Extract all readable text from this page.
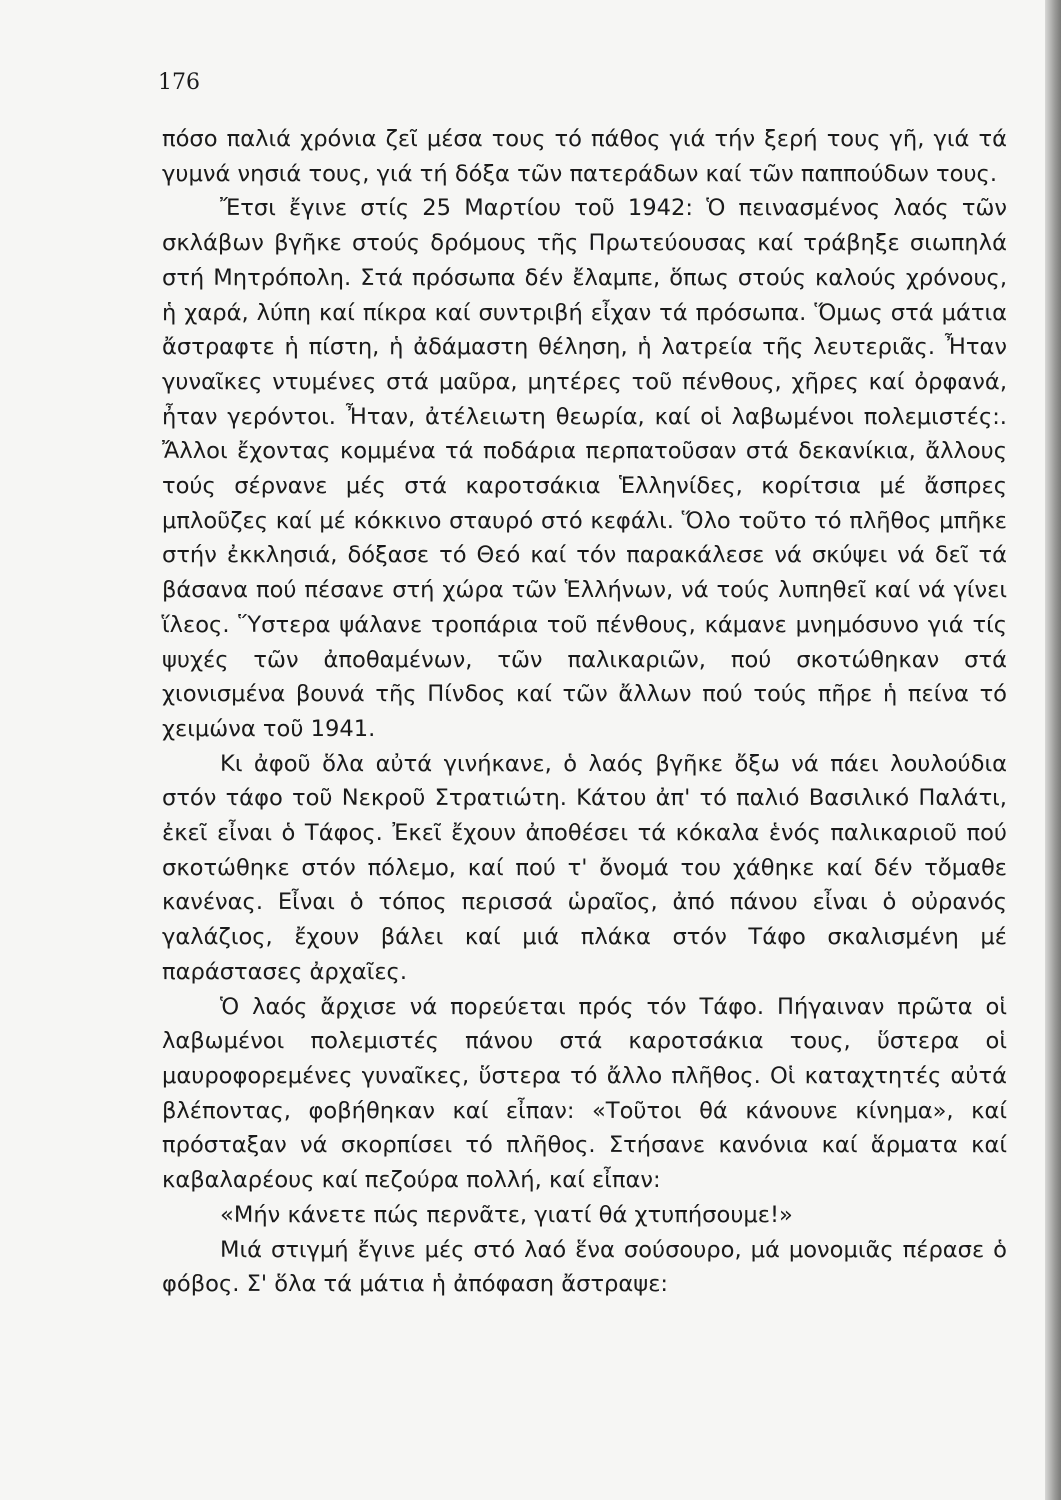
176

πόσο παλιά χρόνια ζεῖ μέσα τους τό πάθος γιά τήν ξερή τους γῆ, γιά τά γυμνά νησιά τους, γιά τή δόξα τῶν πατεράδων καί τῶν παππούδων τους.

Ἔτσι ἔγινε στίς 25 Μαρτίου τοῦ 1942: Ὁ πεινασμένος λαός τῶν σκλάβων βγῆκε στούς δρόμους τῆς Πρωτεύουσας καί τράβηξε σιωπηλά στή Μητρόπολη. Στά πρόσωπα δέν ἔλαμπε, ὅπως στούς καλούς χρόνους, ἡ χαρά, λύπη καί πίκρα καί συντριβή εἶχαν τά πρόσωπα. Ὅμως στά μάτια ἄστραφτε ἡ πίστη, ἡ ἀδάμαστη θέληση, ἡ λατρεία τῆς λευτεριᾶς. Ἦταν γυναῖκες ντυμένες στά μαῦρα, μητέρες τοῦ πένθους, χῆρες καί ὀρφανά, ἦταν γερόντοι. Ἦταν, ἀτέλειωτη θεωρία, καί οἱ λαβωμένοι πολεμιστές:. Ἄλλοι ἔχοντας κομμένα τά ποδάρια περπατοῦσαν στά δεκανίκια, ἄλλους τούς σέρνανε μές στά καροτσάκια Ἑλληνίδες, κορίτσια μέ ἄσπρες μπλοῦζες καί μέ κόκκινο σταυρό στό κεφάλι. Ὅλο τοῦτο τό πλῆθος μπῆκε στήν ἐκκλησιά, δόξασε τό Θεό καί τόν παρακάλεσε νά σκύψει νά δεῖ τά βάσανα πού πέσανε στή χώρα τῶν Ἑλλήνων, νά τούς λυπηθεῖ καί νά γίνει ἵλεος. Ὕστερα ψάλανε τροπάρια τοῦ πένθους, κάμανε μνημόσυνο γιά τίς ψυχές τῶν ἀποθαμένων, τῶν παλικαριῶν, πού σκοτώθηκαν στά χιονισμένα βουνά τῆς Πίνδος καί τῶν ἄλλων πού τούς πῆρε ἡ πείνα τό χειμώνα τοῦ 1941.

Κι ἀφοῦ ὅλα αὐτά γινήκανε, ὁ λαός βγῆκε ὄξω νά πάει λουλούδια στόν τάφο τοῦ Νεκροῦ Στρατιώτη. Κάτου ἀπ' τό παλιό Βασιλικό Παλάτι, ἐκεῖ εἶναι ὁ Τάφος. Ἐκεῖ ἔχουν ἀποθέσει τά κόκαλα ἑνός παλικαριοῦ πού σκοτώθηκε στόν πόλεμο, καί πού τ' ὄνομά του χάθηκε καί δέν τὄμαθε κανένας. Εἶναι ὁ τόπος περισσά ὡραῖος, ἀπό πάνου εἶναι ὁ οὐρανός γαλάζιος, ἔχουν βάλει καί μιά πλάκα στόν Τάφο σκαλισμένη μέ παράστασες ἀρχαῖες.

Ὁ λαός ἄρχισε νά πορεύεται πρός τόν Τάφο. Πήγαιναν πρῶτα οἱ λαβωμένοι πολεμιστές πάνου στά καροτσάκια τους, ὕστερα οἱ μαυροφορεμένες γυναῖκες, ὕστερα τό ἄλλο πλῆθος. Οἱ καταχτητές αὐτά βλέποντας, φοβήθηκαν καί εἶπαν: «Τοῦτοι θά κάνουνε κίνημα», καί πρόσταξαν νά σκορπίσει τό πλῆθος. Στήσανε κανόνια καί ἅρματα καί καβαλαρέους καί πεζούρα πολλή, καί εἶπαν:

«Μήν κάνετε πώς περνᾶτε, γιατί θά χτυπήσουμε!»

Μιά στιγμή ἔγινε μές στό λαό ἕνα σούσουρο, μά μονομιᾶς πέρασε ὁ φόβος. Σ' ὅλα τά μάτια ἡ ἀπόφαση ἄστραψε:
